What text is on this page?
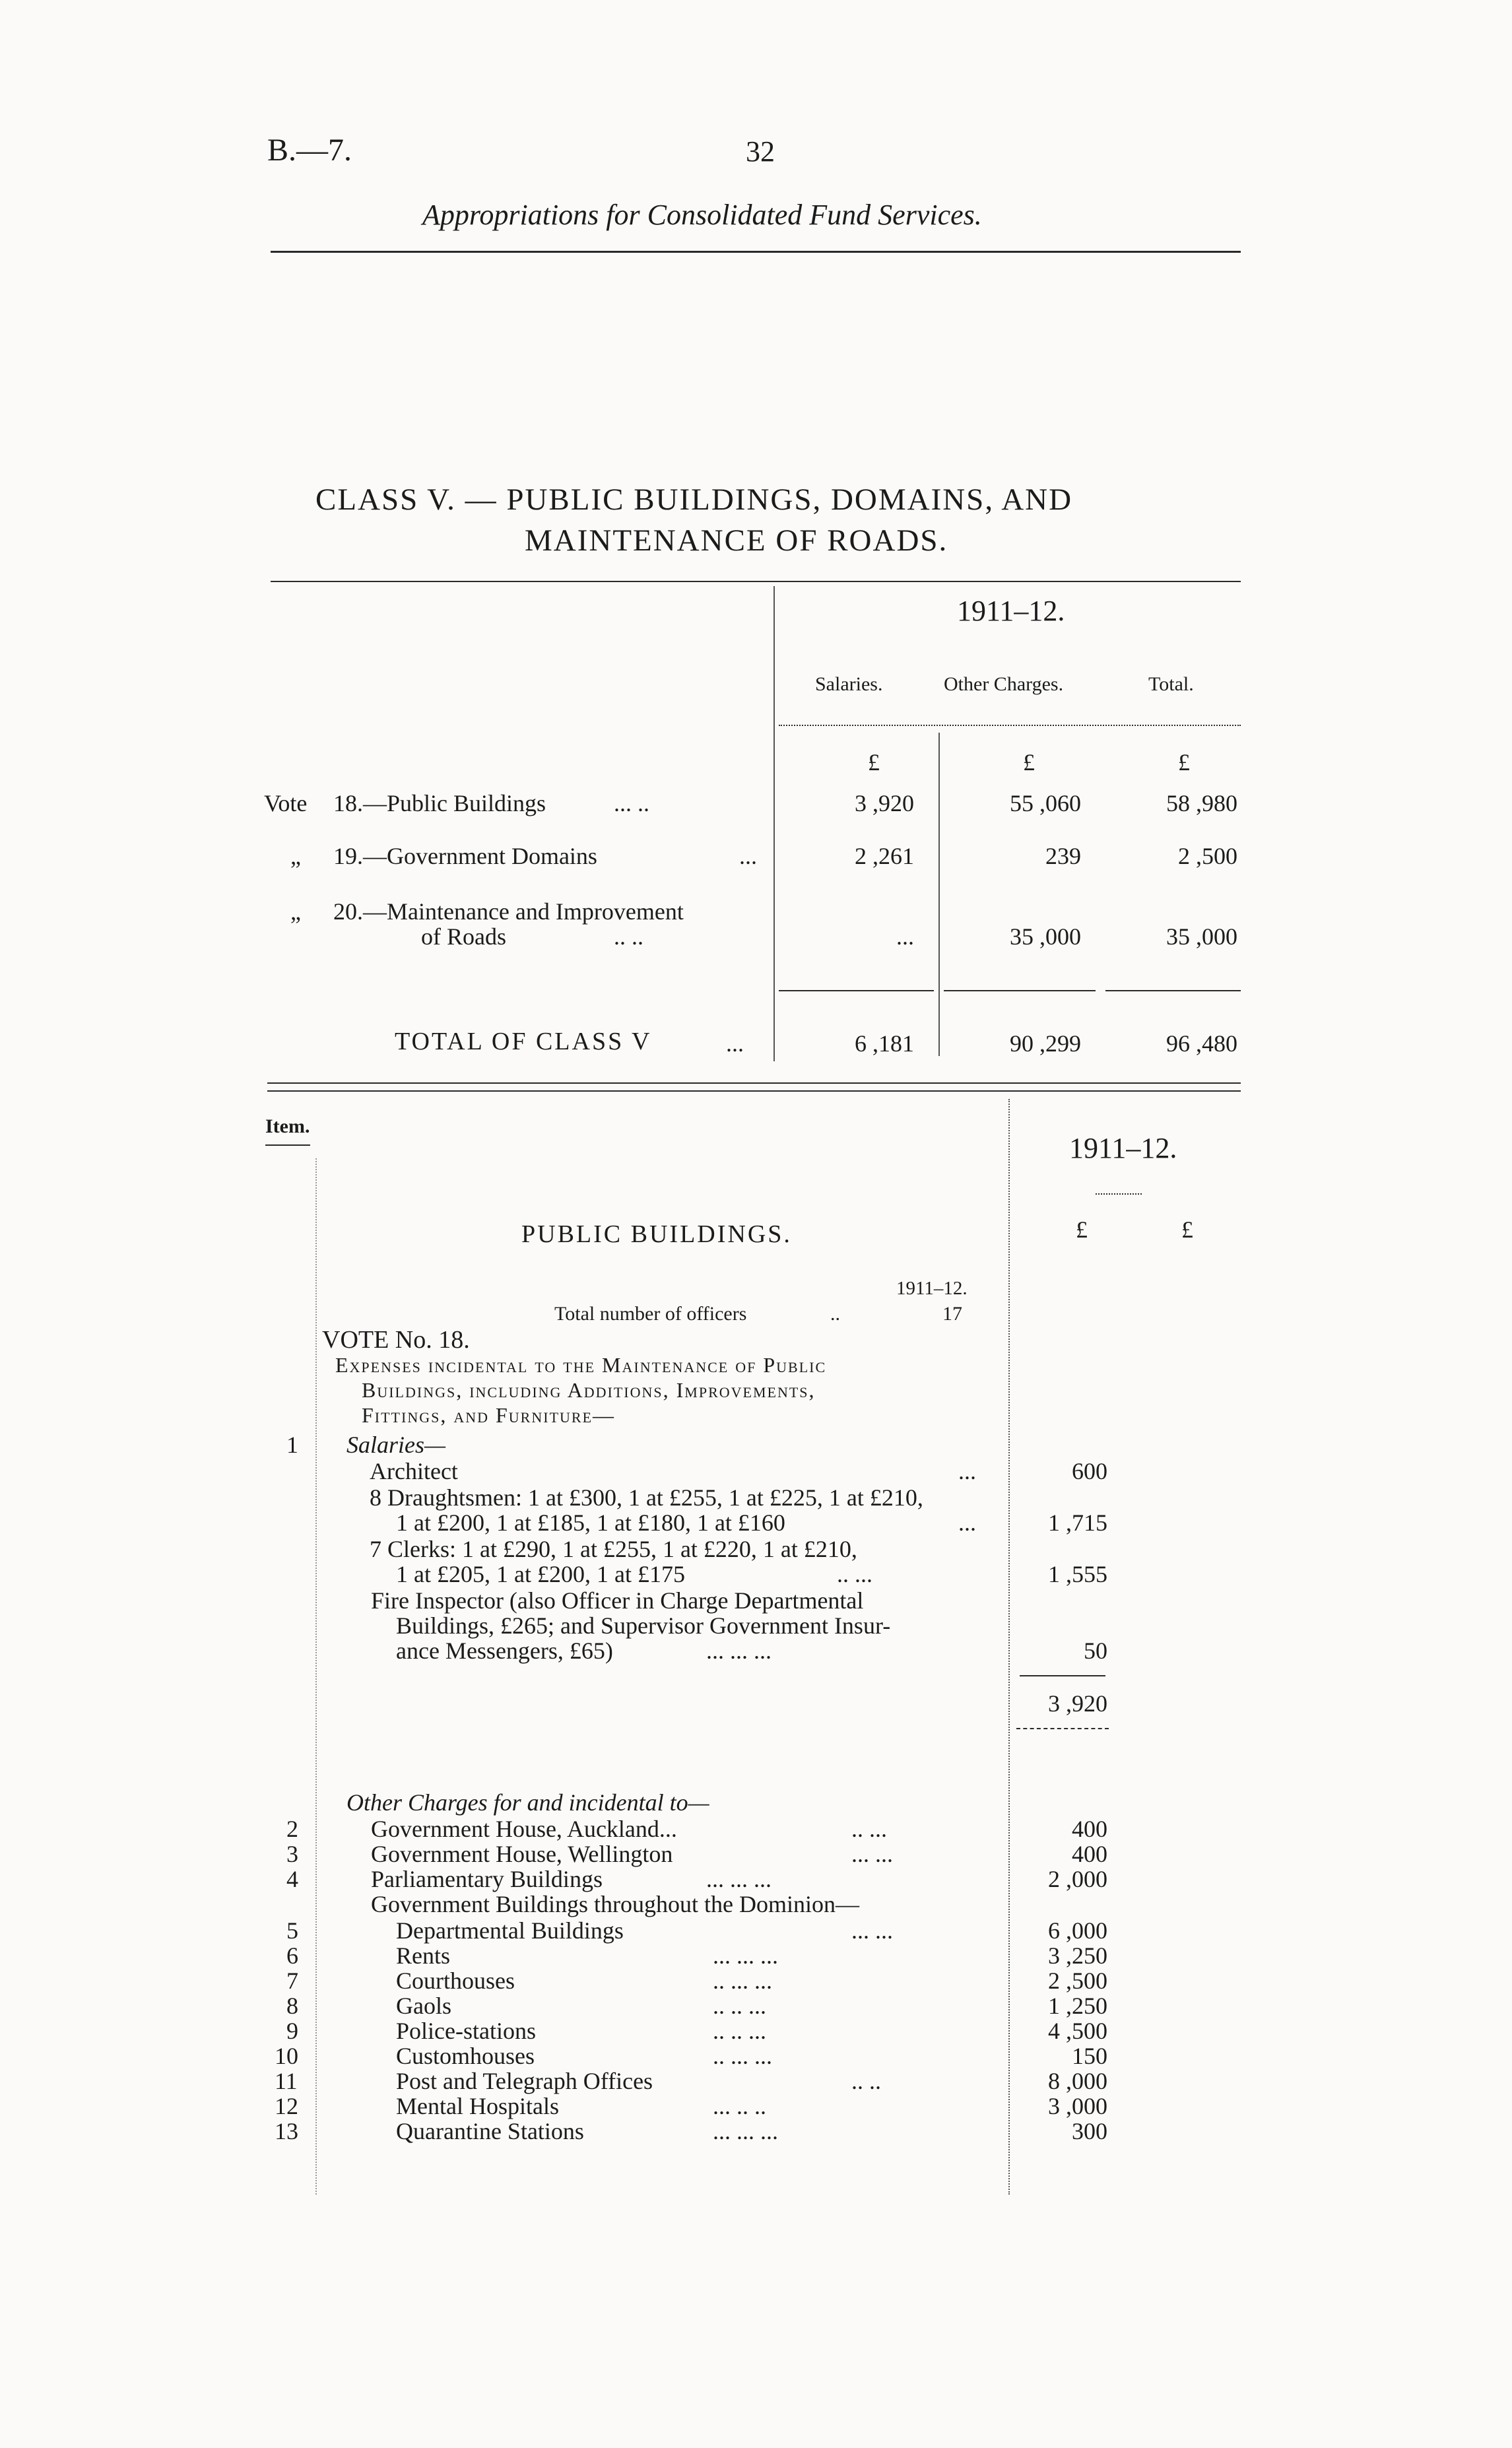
B.—7.	32
Appropriations for Consolidated Fund Services.
CLASS V. — PUBLIC BUILDINGS, DOMAINS, AND
MAINTENANCE OF ROADS.
1911–12.
Salaries.	Other Charges.	Total.
£	£	£
Vote 18.—Public Buildings	... ..	3 ,920	55 ,060	58 ,980
„ 19.—Government Domains	...	2 ,261	239	2 ,500
„ 20.—Maintenance and Improvement
of Roads	.. ..	...	35 ,000	35 ,000
TOTAL OF CLASS V	...	6 ,181	90 ,299	96 ,480
Item.
1911–12.
£	£
PUBLIC BUILDINGS.
1911–12.
Total number of officers	..	17
VOTE No. 18.
Expenses incidental to the Maintenance of Public
Buildings, including Additions, Improvements,
Fittings, and Furniture—
1 Salaries—
Architect	...	600
8 Draughtsmen: 1 at £300, 1 at £255, 1 at £225, 1 at £210,
1 at £200, 1 at £185, 1 at £180, 1 at £160	...	1 ,715
7 Clerks: 1 at £290, 1 at £255, 1 at £220, 1 at £210,
1 at £205, 1 at £200, 1 at £175	.. ...	1 ,555
Fire Inspector (also Officer in Charge Departmental
Buildings, £265; and Supervisor Government Insur-
ance Messengers, £65)	... ... ...	50
3 ,920
Other Charges for and incidental to—
2	Government House, Auckland...	.. ...	400
3	Government House, Wellington	... ...	400
4	Parliamentary Buildings	... ... ...	2 ,000
Government Buildings throughout the Dominion—
5	Departmental Buildings	... ...	6 ,000
6	Rents	... ... ...	3 ,250
7	Courthouses	.. ... ...	2 ,500
8	Gaols	.. .. ...	1 ,250
9	Police-stations	.. .. ...	4 ,500
10	Customhouses	.. ... ...	150
11	Post and Telegraph Offices	.. ..	8 ,000
12	Mental Hospitals	... .. ..	3 ,000
13	Quarantine Stations	... ... ...	300
